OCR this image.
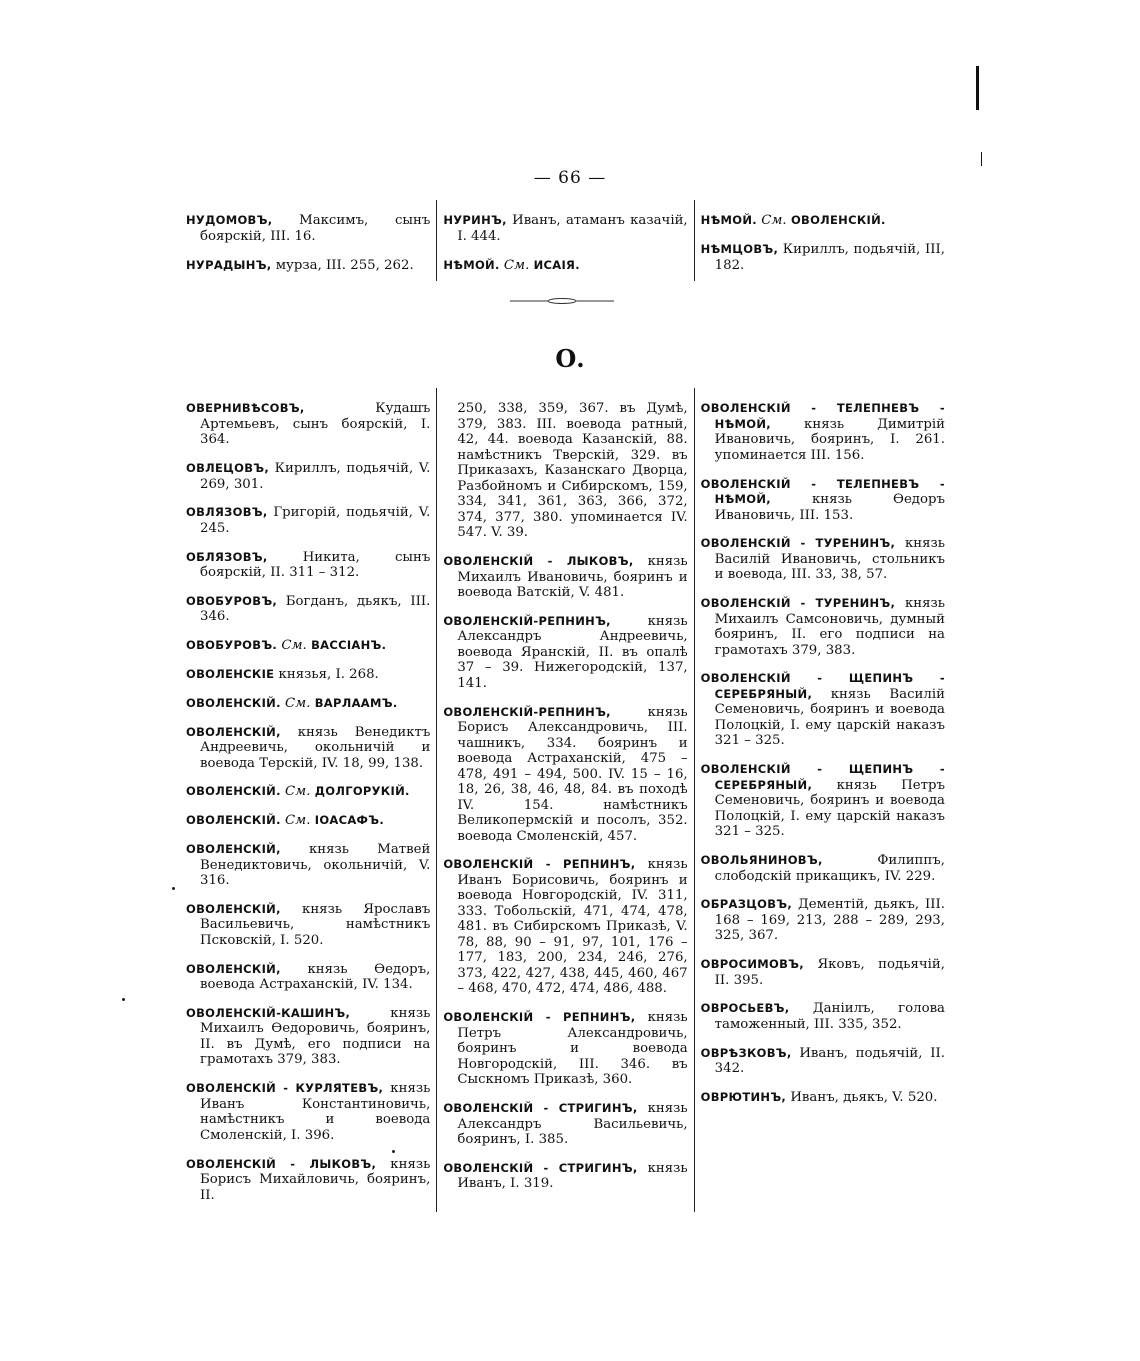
— 66 —

НУДОМОВЪ, Максимъ, сынъ боярскій, III. 16.

НУРАДЫНЪ, мурза, III. 255, 262.

НУРИНЪ, Иванъ, атаманъ казачій, I. 444.

НѢМОЙ. См. ИСАІЯ.

НѢМОЙ. См. ОВОЛЕНСКІЙ.

НѢМЦОВЪ, Кириллъ, подьячій, III, 182.

О.

ОВЕРНИВѢСОВЪ, Кудашъ Артемьевъ, сынъ боярскій, I. 364.

ОВЛЕЦОВЪ, Кириллъ, подьячій, V. 269, 301.

ОВЛЯЗОВЪ, Григорій, подьячій, V. 245.

ОБЛЯЗОВЪ, Никита, сынъ боярскій, II. 311 – 312.

ОВОБУРОВЪ, Богданъ, дьякъ, III. 346.

ОВОБУРОВЪ. См. ВАССІАНЪ.

ОВОЛЕНСКІЕ князья, I. 268.

ОВОЛЕНСКІЙ. См. ВАРЛААМЪ.

ОВОЛЕНСКІЙ, князь Венедиктъ Андреевичь, окольничій и воевода Терскій, IV. 18, 99, 138.

ОВОЛЕНСКІЙ. См. ДОЛГОРУКІЙ.

ОВОЛЕНСКІЙ. См. ІОАСАФЪ.

ОВОЛЕНСКІЙ, князь Матвей Венедиктовичь, окольничій, V. 316.

ОВОЛЕНСКІЙ, князь Ярославъ Васильевичь, намѣстникъ Псковскій, I. 520.

ОВОЛЕНСКІЙ, князь Ѳедоръ, воевода Астраханскій, IV. 134.

ОВОЛЕНСКІЙ-КАШИНЪ, князь Михаилъ Ѳедоровичь, бояринъ, II. въ Думѣ, его подписи на грамотахъ 379, 383.

ОВОЛЕНСКІЙ - КУРЛЯТЕВЪ, князь Иванъ Константиновичь, намѣстникъ и воевода Смоленскій, I. 396.

ОВОЛЕНСКІЙ - ЛЫКОВЪ, князь Борисъ Михайловичь, бояринъ, II.

250, 338, 359, 367. въ Думѣ, 379, 383. III. воевода ратный, 42, 44. воевода Казанскій, 88. намѣстникъ Тверскій, 329. въ Приказахъ, Казанскаго Дворца, Разбойномъ и Сибирскомъ, 159, 334, 341, 361, 363, 366, 372, 374, 377, 380. упоминается IV. 547. V. 39.

ОВОЛЕНСКІЙ - ЛЫКОВЪ, князь Михаилъ Ивановичь, бояринъ и воевода Ватскій, V. 481.

ОВОЛЕНСКІЙ-РЕПНИНЪ, князь Александръ Андреевичь, воевода Яранскій, II. въ опалѣ 37 – 39. Нижегородскій, 137, 141.

ОВОЛЕНСКІЙ-РЕПНИНЪ, князь Борисъ Александровичь, III. чашникъ, 334. бояринъ и воевода Астраханскій, 475 – 478, 491 – 494, 500. IV. 15 – 16, 18, 26, 38, 46, 48, 84. въ походѣ IV. 154. намѣстникъ Великопермскій и посолъ, 352. воевода Смоленскій, 457.

ОВОЛЕНСКІЙ - РЕПНИНЪ, князь Иванъ Борисовичь, бояринъ и воевода Новгородскій, IV. 311, 333. Тобольскій, 471, 474, 478, 481. въ Сибирскомъ Приказѣ, V. 78, 88, 90 – 91, 97, 101, 176 – 177, 183, 200, 234, 246, 276, 373, 422, 427, 438, 445, 460, 467 – 468, 470, 472, 474, 486, 488.

ОВОЛЕНСКІЙ - РЕПНИНЪ, князь Петръ Александровичь, бояринъ и воевода Новгородскій, III. 346. въ Сыскномъ Приказѣ, 360.

ОВОЛЕНСКІЙ - СТРИГИНЪ, князь Александръ Васильевичь, бояринъ, I. 385.

ОВОЛЕНСКІЙ - СТРИГИНЪ, князь Иванъ, I. 319.

ОВОЛЕНСКІЙ - ТЕЛЕПНЕВЪ - НѢМОЙ, князь Димитрій Ивановичь, бояринъ, I. 261. упоминается III. 156.

ОВОЛЕНСКІЙ - ТЕЛЕПНЕВЪ - НѢМОЙ, князь Ѳедоръ Ивановичь, III. 153.

ОВОЛЕНСКІЙ - ТУРЕНИНЪ, князь Василій Ивановичь, стольникъ и воевода, III. 33, 38, 57.

ОВОЛЕНСКІЙ - ТУРЕНИНЪ, князь Михаилъ Самсоновичь, думный бояринъ, II. его подписи на грамотахъ 379, 383.

ОВОЛЕНСКІЙ - ЩЕПИНЪ - СЕРЕБРЯНЫЙ, князь Василій Семеновичь, бояринъ и воевода Полоцкій, I. ему царскій наказъ 321 – 325.

ОВОЛЕНСКІЙ - ЩЕПИНЪ - СЕРЕБРЯНЫЙ, князь Петръ Семеновичь, бояринъ и воевода Полоцкій, I. ему царскій наказъ 321 – 325.

ОВОЛЬЯНИНОВЪ, Филиппъ, слободскій прикащикъ, IV. 229.

ОБРАЗЦОВЪ, Дементій, дьякъ, III. 168 – 169, 213, 288 – 289, 293, 325, 367.

ОВРОСИМОВЪ, Яковъ, подьячій, II. 395.

ОВРОСЬЕВЪ, Даніилъ, голова таможенный, III. 335, 352.

ОВРѢЗКОВЪ, Иванъ, подьячій, II. 342.

ОВРЮТИНЪ, Иванъ, дьякъ, V. 520.
